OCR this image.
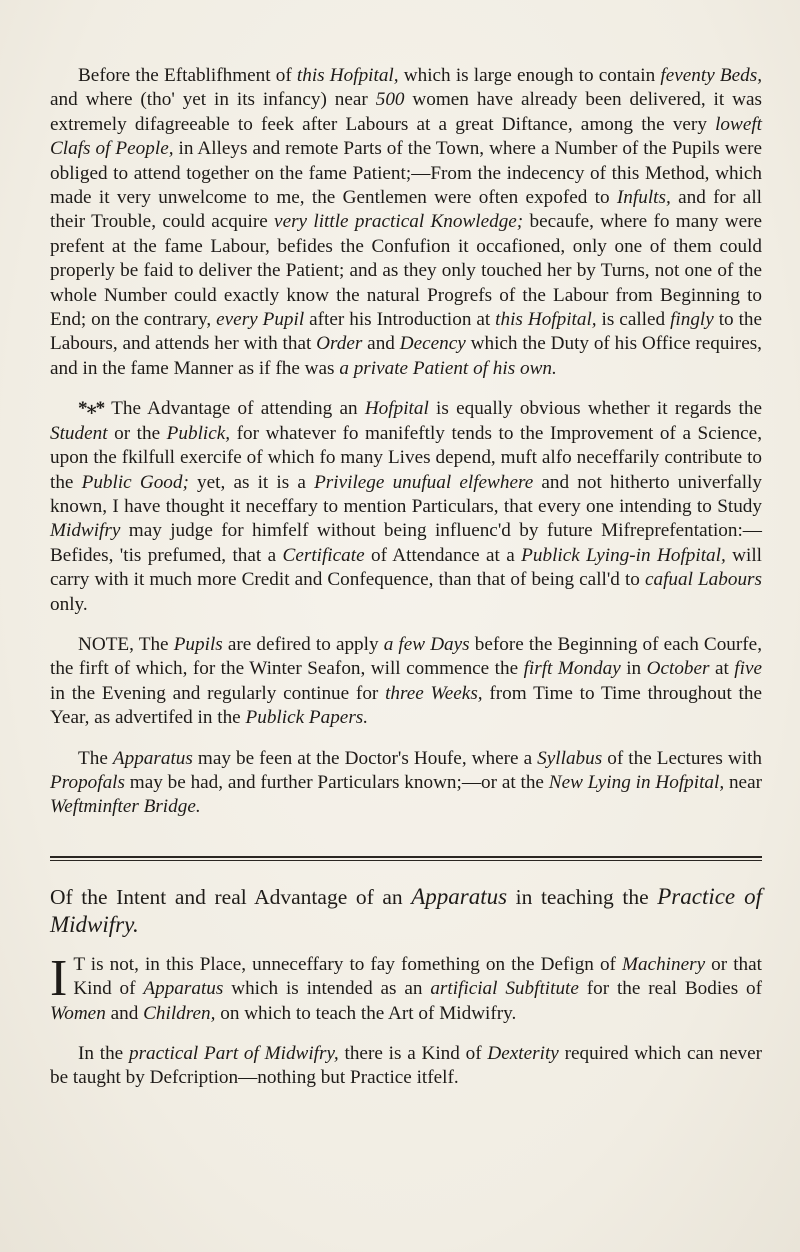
Before the Eftablifhment of this Hofpital, which is large enough to contain feventy Beds, and where (tho' yet in its infancy) near 500 women have already been delivered, it was extremely difagreeable to feek after Labours at a great Diftance, among the very loweft Clafs of People, in Alleys and remote Parts of the Town, where a Number of the Pupils were obliged to attend together on the fame Patient;—From the indecency of this Method, which made it very unwelcome to me, the Gentlemen were often expofed to Infults, and for all their Trouble, could acquire very little practical Knowledge; becaufe, where fo many were prefent at the fame Labour, befides the Confufion it occafioned, only one of them could properly be faid to deliver the Patient; and as they only touched her by Turns, not one of the whole Number could exactly know the natural Progrefs of the Labour from Beginning to End; on the contrary, every Pupil after his Introduction at this Hofpital, is called fingly to the Labours, and attends her with that Order and Decency which the Duty of his Office requires, and in the fame Manner as if fhe was a private Patient of his own.

*⁎* The Advantage of attending an Hofpital is equally obvious whether it regards the Student or the Publick, for whatever fo manifeftly tends to the Improvement of a Science, upon the fkilfull exercife of which fo many Lives depend, muft alfo neceffarily contribute to the Public Good; yet, as it is a Privilege unufual elfewhere and not hitherto univerfally known, I have thought it neceffary to mention Particulars, that every one intending to Study Midwifry may judge for himfelf without being influenc'd by future Mifreprefentation:—Befides, 'tis prefumed, that a Certificate of Attendance at a Publick Lying-in Hofpital, will carry with it much more Credit and Confequence, than that of being call'd to cafual Labours only.

NOTE, The Pupils are defired to apply a few Days before the Beginning of each Courfe, the firft of which, for the Winter Seafon, will commence the firft Monday in October at five in the Evening and regularly continue for three Weeks, from Time to Time throughout the Year, as advertifed in the Publick Papers.

The Apparatus may be feen at the Doctor's Houfe, where a Syllabus of the Lectures with Propofals may be had, and further Particulars known;—or at the New Lying in Hofpital, near Weftminfter Bridge.

Of the Intent and real Advantage of an Apparatus in teaching the Practice of Midwifry.

I T is not, in this Place, unneceffary to fay fomething on the Defign of Machinery or that Kind of Apparatus which is intended as an artificial Subftitute for the real Bodies of Women and Children, on which to teach the Art of Midwifry.

In the practical Part of Midwifry, there is a Kind of Dexterity required which can never be taught by Defcription—nothing but Practice itfelf.
